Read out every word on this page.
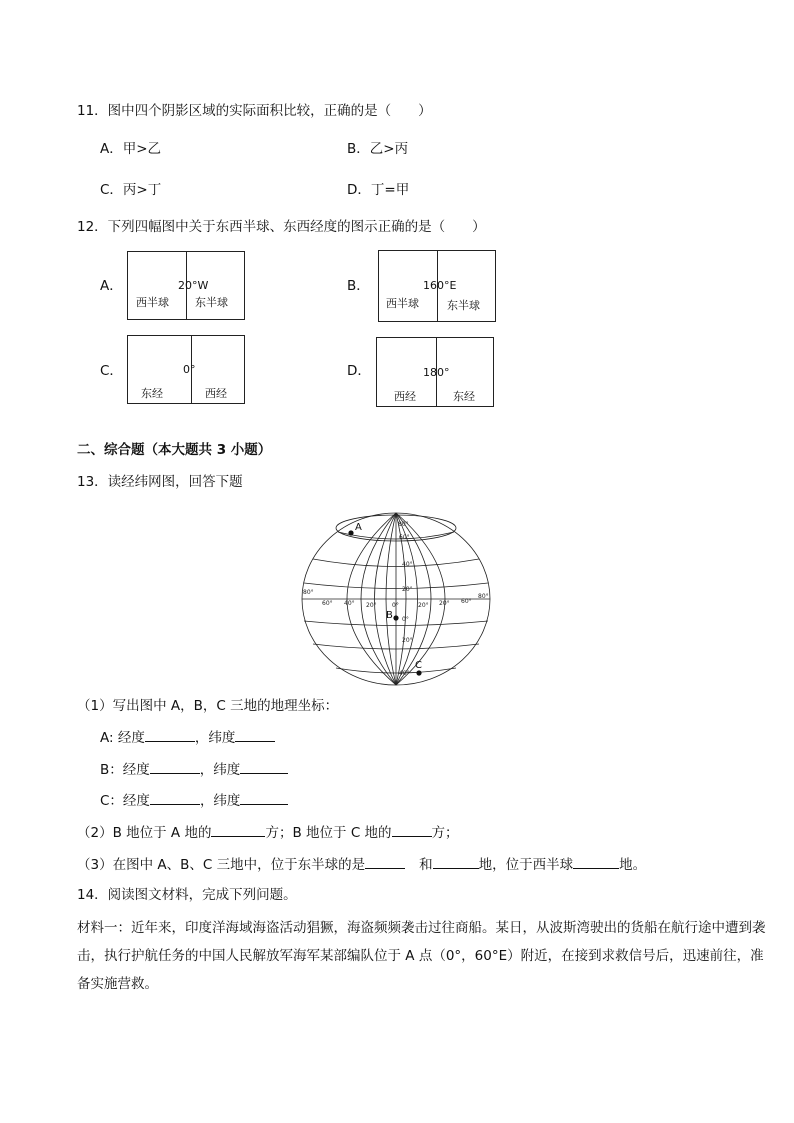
11．图中四个阴影区域的实际面积比较，正确的是（　　）
A．甲>乙	B．乙>丙
C．丙>丁	D．丁=甲
12．下列四幅图中关于东西半球、东西经度的图示正确的是（　　）
A．	20°W
西半球 东半球
B．	160°E
西半球	东半球
C．	0°
东经	西经
D．	180°
西经	东经
二、综合题（本大题共 3 小题）
13．读经纬网图，回答下题
80°
60°
40°
20°
0°
20°
40°
80°
60° 40° 20°	0°	20° 20° 60°
80°
A
B
C
（1）写出图中 A，B，C 三地的地理坐标：
A: 经度	，纬度
B：经度	，纬度
C：经度	，纬度
（2）B 地位于 A 地的	方；B 地位于 C 地的	方；
（3）在图中 A、B、C 三地中，位于东半球的是	和	地，位于西半球	地。
14．阅读图文材料，完成下列问题。
材料一：近年来，印度洋海域海盗活动猖獗，海盗频频袭击过往商船。某日，从波斯湾驶出的货船在航行途中遭到袭击，执行护航任务的中国人民解放军海军某部编队位于 A 点（0°，60°E）附近，在接到求救信号后，迅速前往，准备实施营救。
